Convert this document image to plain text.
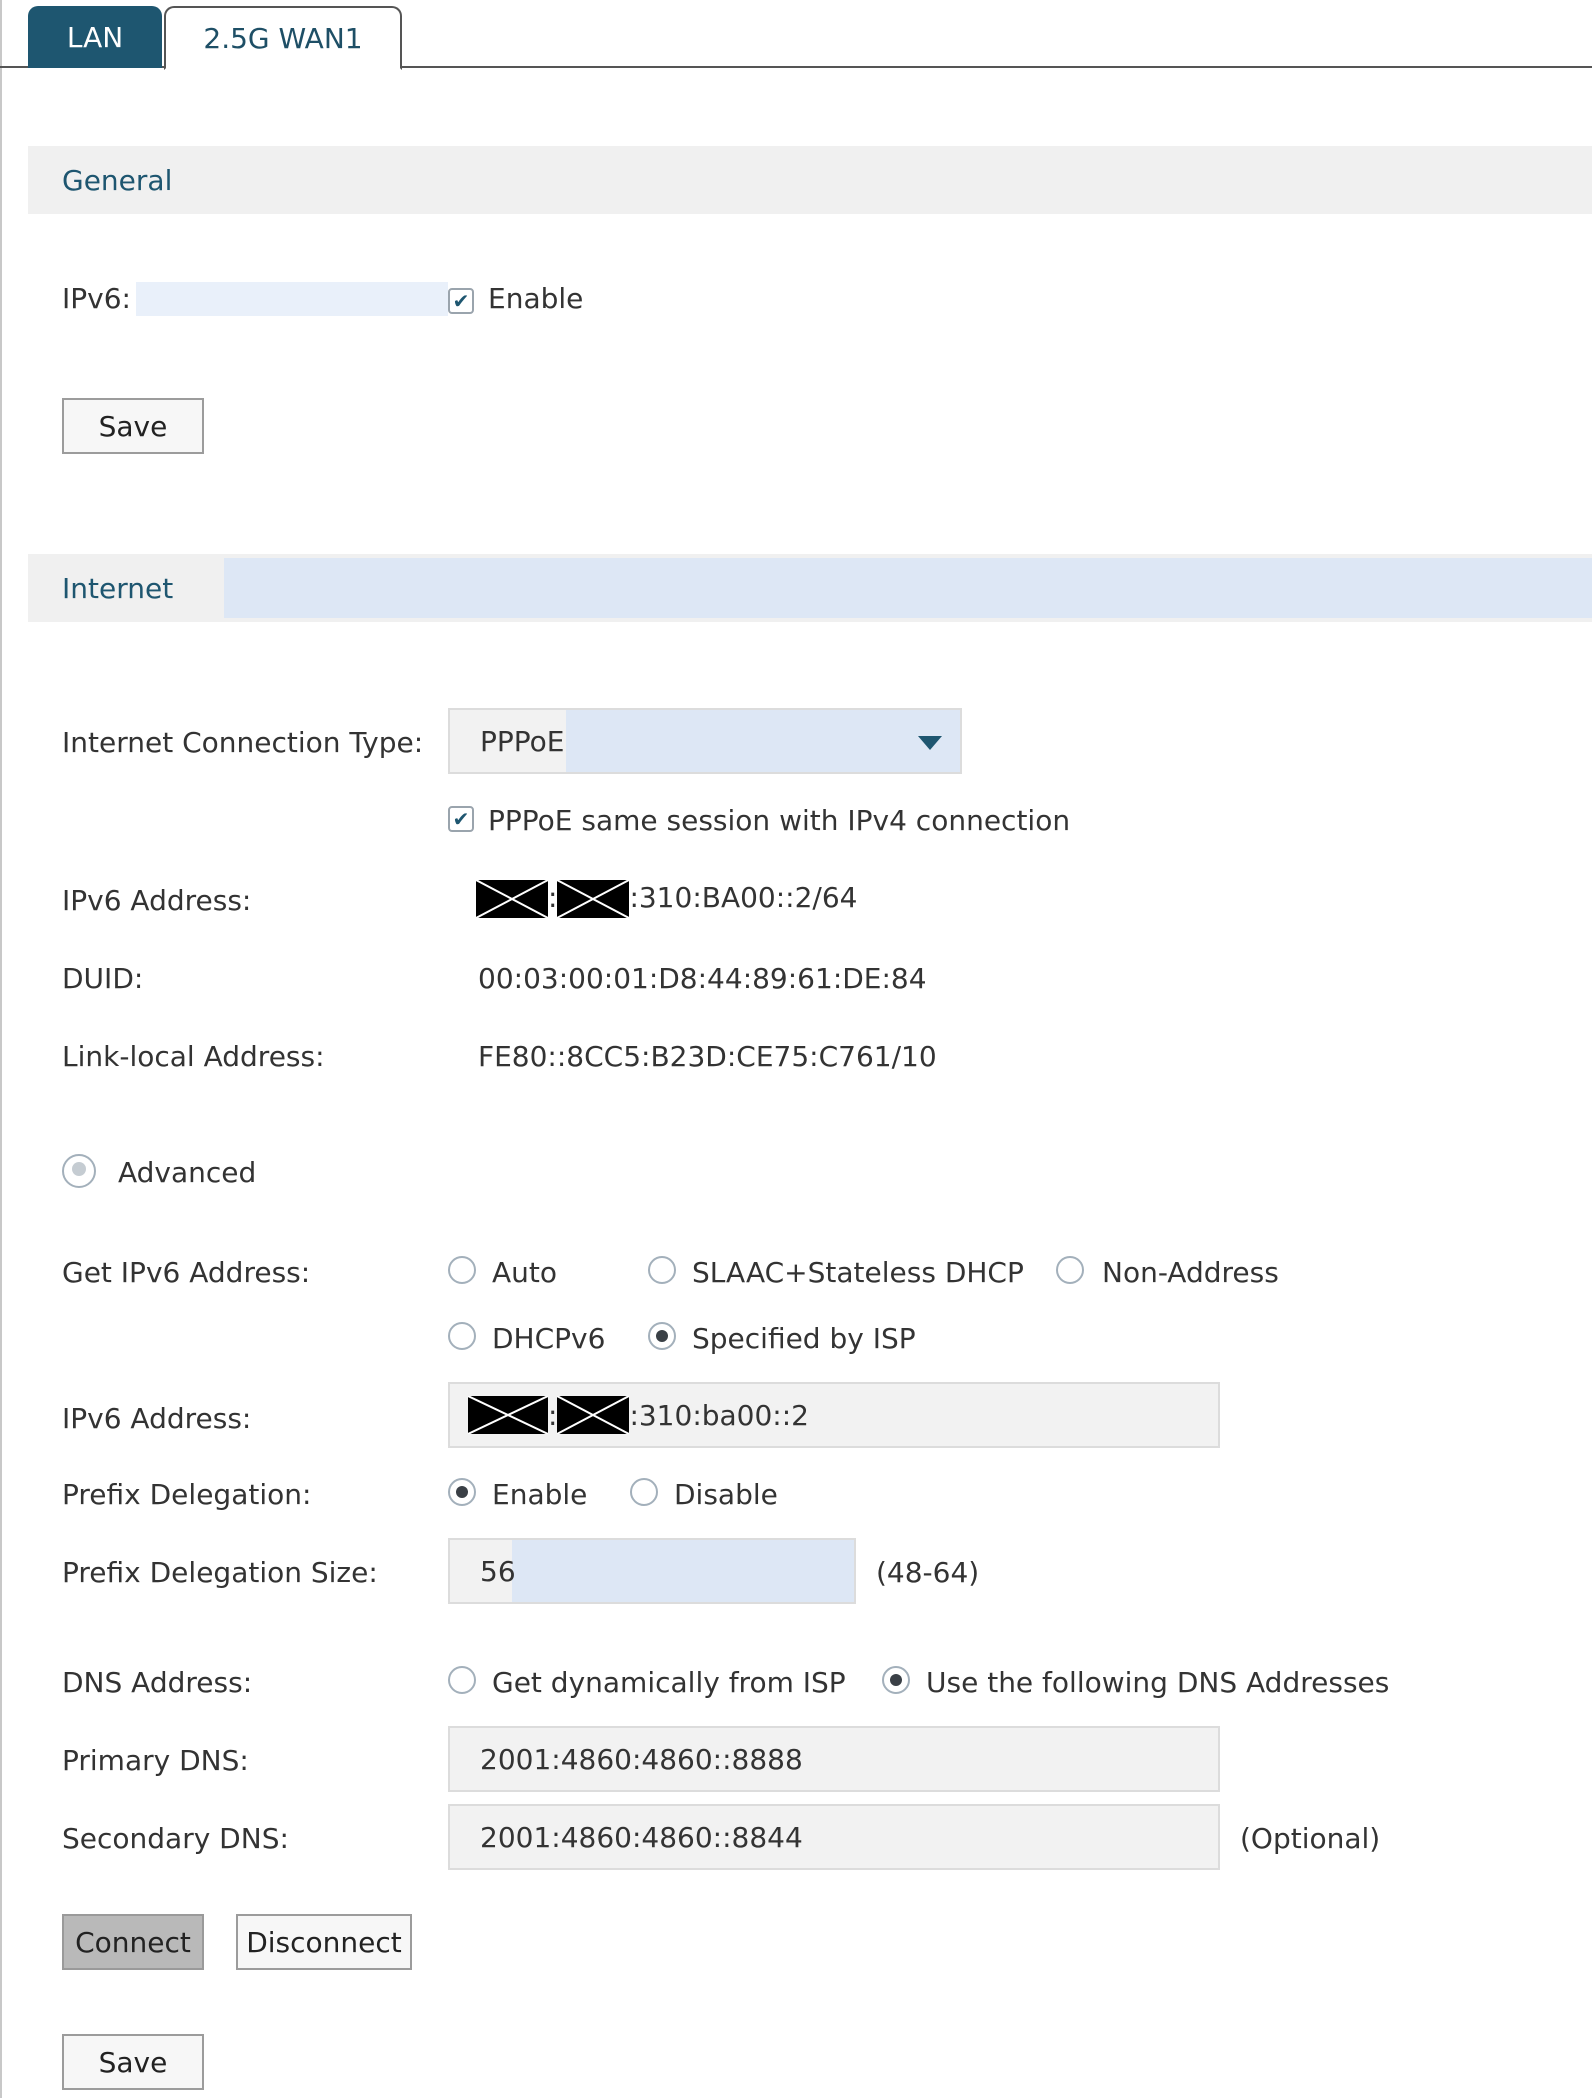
LAN	2.5G WAN1
General
IPv6:	✔ Enable
Save
Internet
Internet Connection Type: PPPoE
✔ PPPoE same session with IPv4 connection
IPv6 Address:	:	:310:BA00::2/64
DUID:	00:03:00:01:D8:44:89:61:DE:84
Link-local Address:	FE80::8CC5:B23D:CE75:C761/10
Advanced
Get IPv6 Address:	Auto	SLAAC+Stateless DHCP	Non-Address
DHCPv6	Specified by ISP
IPv6 Address:	:	:310:ba00::2
Prefix Delegation:	Enable	Disable
Prefix Delegation Size:	56	(48-64)
DNS Address:	Get dynamically from ISP	Use the following DNS Addresses
Primary DNS:	2001:4860:4860::8888
Secondary DNS:	2001:4860:4860::8844	(Optional)
Connect	Disconnect
Save
